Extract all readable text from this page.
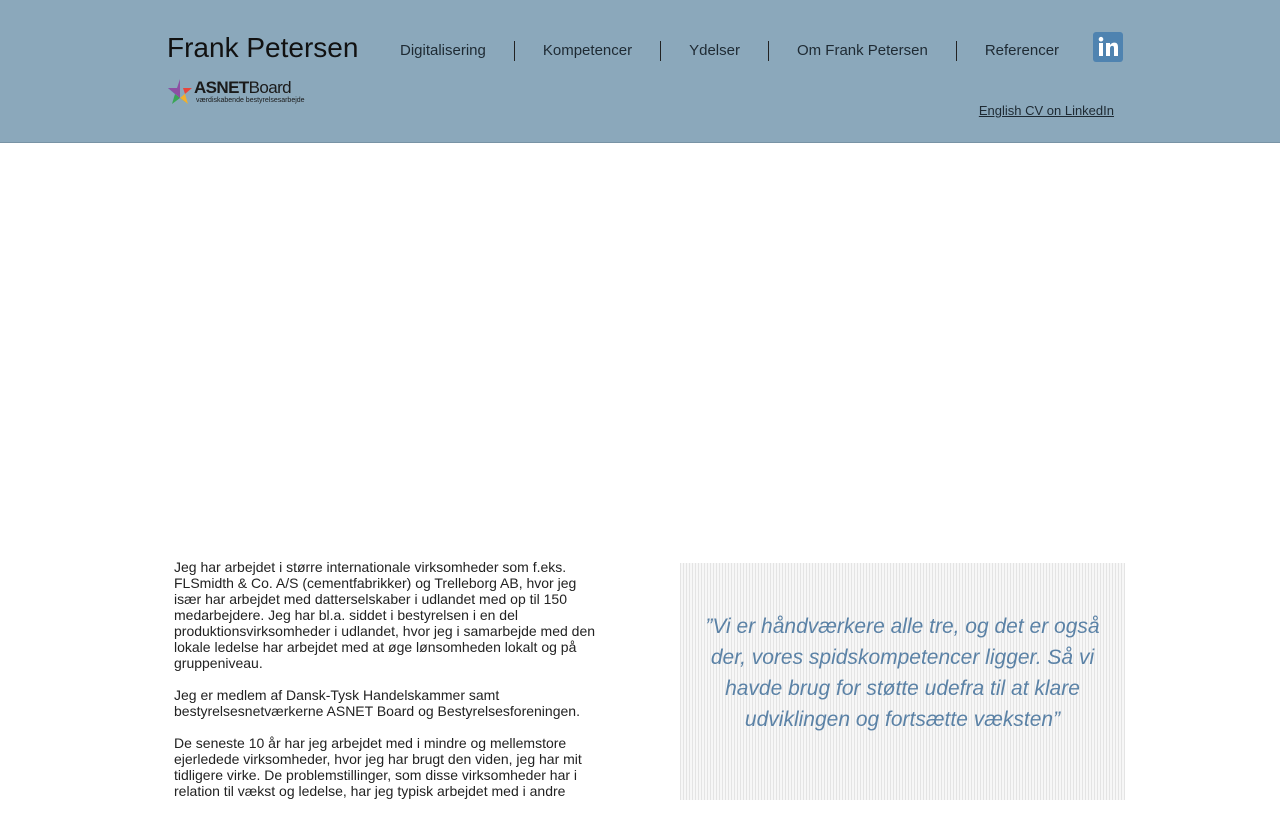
Frank Petersen
ASNETBoard
værdiskabende bestyrelsesarbejde
Digitalisering	Kompetencer	Ydelser	Om Frank Petersen	Referencer
English CV on LinkedIn

Jeg har arbejdet i større internationale virksomheder som f.eks. FLSmidth & Co. A/S (cementfabrikker) og Trelleborg AB, hvor jeg især har arbejdet med datterselskaber i udlandet med op til 150 medarbejdere. Jeg har bl.a. siddet i bestyrelsen i en del produktionsvirksomheder i udlandet, hvor jeg i samarbejde med den lokale ledelse har arbejdet med at øge lønsomheden lokalt og på gruppeniveau.

Jeg er medlem af Dansk-Tysk Handelskammer samt bestyrelsesnetværkerne ASNET Board og Bestyrelsesforeningen.

De seneste 10 år har jeg arbejdet med i mindre og mellemstore ejerledede virksomheder, hvor jeg har brugt den viden, jeg har mit tidligere virke. De problemstillinger, som disse virksomheder har i relation til vækst og ledelse, har jeg typisk arbejdet med i andre

”Vi er håndværkere alle tre, og det er også der, vores spidskompetencer ligger. Så vi havde brug for støtte udefra til at klare udviklingen og fortsætte væksten”
